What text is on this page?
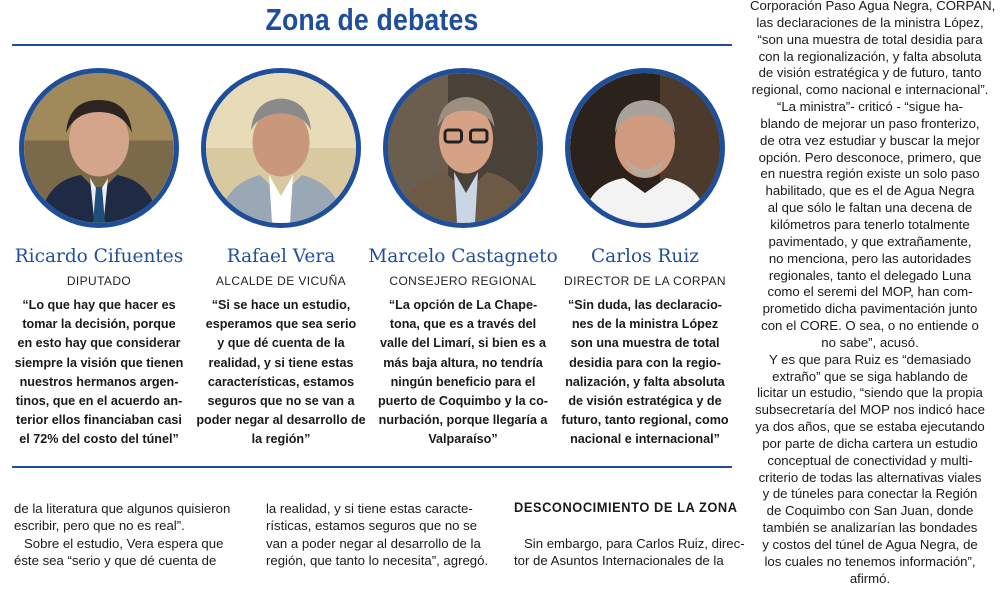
Zona de debates
Ricardo Cifuentes
DIPUTADO
“Lo que hay que hacer es
tomar la decisión, porque
en esto hay que considerar
siempre la visión que tienen
nuestros hermanos argen-
tinos, que en el acuerdo an-
terior ellos financiaban casi
el 72% del costo del túnel”
Rafael Vera
ALCALDE DE VICUÑA
“Si se hace un estudio,
esperamos que sea serio
y que dé cuenta de la
realidad, y si tiene estas
características, estamos
seguros que no se van a
poder negar al desarrollo de
la región”
Marcelo Castagneto
CONSEJERO REGIONAL
“La opción de La Chape-
tona, que es a través del
valle del Limarí, si bien es a
más baja altura, no tendría
ningún beneficio para el
puerto de Coquimbo y la co-
nurbación, porque llegaría a
Valparaíso”
Carlos Ruiz
DIRECTOR DE LA CORPAN
“Sin duda, las declaracio-
nes de la ministra López
son una muestra de total
desidia para con la regio-
nalización, y falta absoluta
de visión estratégica y de
futuro, tanto regional, como
nacional e internacional”
de la literatura que algunos quisieron
escribir, pero que no es real”.
Sobre el estudio, Vera espera que
éste sea “serio y que dé cuenta de
la realidad, y si tiene estas caracte-
rísticas, estamos seguros que no se
van a poder negar al desarrollo de la
región, que tanto lo necesita”, agregó.
DESCONOCIMIENTO DE LA ZONA
Sin embargo, para Carlos Ruiz, direc-
tor de Asuntos Internacionales de la
Corporación Paso Agua Negra, CORPAN,
las declaraciones de la ministra López,
“son una muestra de total desidia para
con la regionalización, y falta absoluta
de visión estratégica y de futuro, tanto
regional, como nacional e internacional”.
“La ministra”- criticó - “sigue ha-
blando de mejorar un paso fronterizo,
de otra vez estudiar y buscar la mejor
opción. Pero desconoce, primero, que
en nuestra región existe un solo paso
habilitado, que es el de Agua Negra
al que sólo le faltan una decena de
kilómetros para tenerlo totalmente
pavimentado, y que extrañamente,
no menciona, pero las autoridades
regionales, tanto el delegado Luna
como el seremi del MOP, han com-
prometido dicha pavimentación junto
con el CORE. O sea, o no entiende o
no sabe”, acusó.
Y es que para Ruiz es “demasiado
extraño” que se siga hablando de
licitar un estudio, “siendo que la propia
subsecretaría del MOP nos indicó hace
ya dos años, que se estaba ejecutando
por parte de dicha cartera un estudio
conceptual de conectividad y multi-
criterio de todas las alternativas viales
y de túneles para conectar la Región
de Coquimbo con San Juan, donde
también se analizarían las bondades
y costos del túnel de Agua Negra, de
los cuales no tenemos información”,
afirmó.
